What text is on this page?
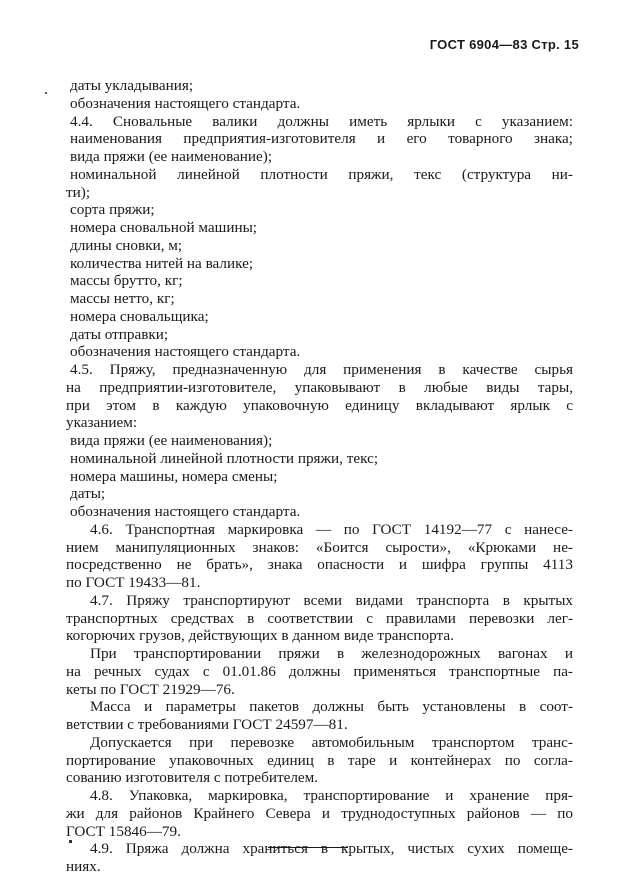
ГОСТ 6904—83 Стр. 15
даты укладывания;
обозначения настоящего стандарта.
4.4. Сновальные валики должны иметь ярлыки с указанием:
наименования предприятия-изготовителя и его товарного знака;
вида пряжи (ее наименование);
номинальной линейной плотности пряжи, текс (структура ни-
ти);
сорта пряжи;
номера сновальной машины;
длины сновки, м;
количества нитей на валике;
массы брутто, кг;
массы нетто, кг;
номера сновальщика;
даты отправки;
обозначения настоящего стандарта.
4.5. Пряжу, предназначенную для применения в качестве сырья
на предприятии-изготовителе, упаковывают в любые виды тары,
при этом в каждую упаковочную единицу вкладывают ярлык с
указанием:
вида пряжи (ее наименования);
номинальной линейной плотности пряжи, текс;
номера машины, номера смены;
даты;
обозначения настоящего стандарта.
4.6. Транспортная маркировка — по ГОСТ 14192—77 с нанесе-
нием манипуляционных знаков: «Боится сырости», «Крюками не-
посредственно не брать», знака опасности и шифра группы 4113
по ГОСТ 19433—81.
4.7. Пряжу транспортируют всеми видами транспорта в крытых
транспортных средствах в соответствии с правилами перевозки лег-
когорючих грузов, действующих в данном виде транспорта.
При транспортировании пряжи в железнодорожных вагонах и
на речных судах с 01.01.86 должны применяться транспортные па-
кеты по ГОСТ 21929—76.
Масса и параметры пакетов должны быть установлены в соот-
ветствии с требованиями ГОСТ 24597—81.
Допускается при перевозке автомобильным транспортом транс-
портирование упаковочных единиц в таре и контейнерах по согла-
сованию изготовителя с потребителем.
4.8. Упаковка, маркировка, транспортирование и хранение пря-
жи для районов Крайнего Севера и труднодоступных районов — по
ГОСТ 15846—79.
4.9. Пряжа должна храниться в крытых, чистых сухих помеще-
ниях.
